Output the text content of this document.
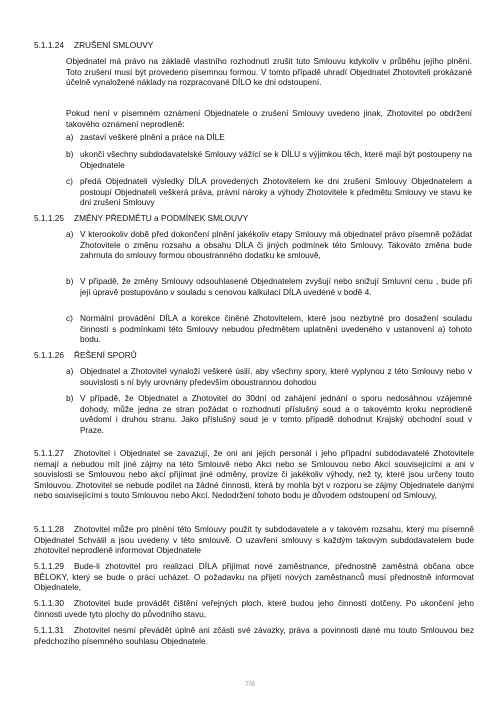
5.1.1.24	ZRUŠENÍ SMLOUVY
Objednatel má právo na základě vlastního rozhodnutí zrušit tuto Smlouvu kdykoliv v průběhu jejího plnění. Toto zrušení musí být provedeno písemnou formou. V tomto případě uhradí Objednatel Zhotoviteli prokázané účelně vynaložené náklady na rozpracované DÍLO ke dni odstoupení.
Pokud není v písemném oznámení Objednatele o zrušení Smlouvy uvedeno jinak, Zhotovitel po obdržení takového oznámení neprodleně:
a) zastaví veškeré plnění a práce na DÍLE
b) ukončí všechny subdodavatelské Smlouvy vážící se k DÍLU s výjimkou těch, které mají být postoupeny na Objednatele
c) předá Objednateli výsledky DÍLA provedených Zhotovitelem ke dni zrušení Smlouvy Objednatelem a postoupí Objednateli veškerá práva, právní nároky a výhody Zhotovitele k předmětu Smlouvy ve stavu ke dni zrušení Smlouvy
5.1.1.25	ZMĚNY PŘEDMĚTU a PODMÍNEK SMLOUVY
a) V kterookoliv době před dokončení plnění jakékoliv etapy Smlouvy má objednatel právo písemně požádat Zhotovitele o změnu rozsahu a obsahu DÍLA či jiných podmínek této Smlouvy. Takováto změna bude zahrnuta do smlouvy formou oboustranného dodatku ke smlouvě,
b) V případě, že změny Smlouvy odsouhlasené Objednatelem zvyšují nebo snižují Smluvní cenu , bude při její úpravě postupováno v souladu s cenovou kalkulací DÍLA uvedené v bodě 4.
c) Normální provádění DÍLA a korekce činěné Zhotovitelem, které jsou nezbytné pro dosažení souladu činností s podmínkami této Smlouvy nebudou předmětem uplatnění uvedeného v ustanovení a) tohoto bodu.
5.1.1.26	ŘEŠENÍ SPORŮ
a) Objednatel a Zhotovitel vynaloží veškeré úsilí, aby všechny spory, které vyplynou z této Smlouvy nebo v souvislosti s ní byly urovnány především oboustrannou dohodou
b) V případě, že Objednatel a Zhotovitel do 30dní od zahájení jednání o sporu nedosáhnou vzájemné dohody, může jedna ze stran požádat o rozhodnutí příslušný soud a o takovémto kroku neprodleně uvědomí i druhou stranu. Jako příslušný soud je v tomto případě dohodnut Krajský obchodní soud v Praze.
5.1.1.27 Zhotovitel i Objednatel se zavazují, že oni ani jejich personál i jeho případní subdodavatelé Zhotovitele nemají a nebudou mít jiné zájmy na této Smlouvě nebo Akci nebo se Smlouvou nebo Akcí souvisejícími a ani v souvislosti se Smlouvou nebo akcí přijímat jiné odměny, provize či jakékoliv výhody, než ty, které jsou určeny touto Smlouvou. Zhotovitel se nebude podílet na žádné činnosti, která by mohla být v rozporu se zájmy Objednatele danými nebo souvisejícími s touto Smlouvou nebo Akcí. Nedodržení tohoto bodu je důvodem odstoupení od Smlouvy,
5.1.1.28 Zhotovitel může pro plnění této Smlouvy použít ty subdodavatele a v takovém rozsahu, který mu písemně Objednatel Schválil a jsou uvedeny v této smlouvě. O uzavření smlouvy s každým takovým subdodavatelem bude zhotovitel neprodleně informovat Objednatele
5.1.1.29 Bude-li zhotovitel pro realizaci DÍLA přijímat nové zaměstnance, přednostně zaměstná občana obce BĚLOKY, který se bude o práci ucházet. O požadavku na přijetí nových zaměstnanců musí přednostně informovat Objednatele,
5.1.1.30 Zhotovitel bude provádět čištění veřejných ploch, které budou jeho činností dotčeny. Po ukončení jeho činnosti uvede tyto plochy do původního stavu,
5.1.1.31 Zhotovitel nesmí převádět úplně ani zčásti své závazky, práva a povinnosti dané mu touto Smlouvou bez předchozího písemného souhlasu Objednatele.
7/8
